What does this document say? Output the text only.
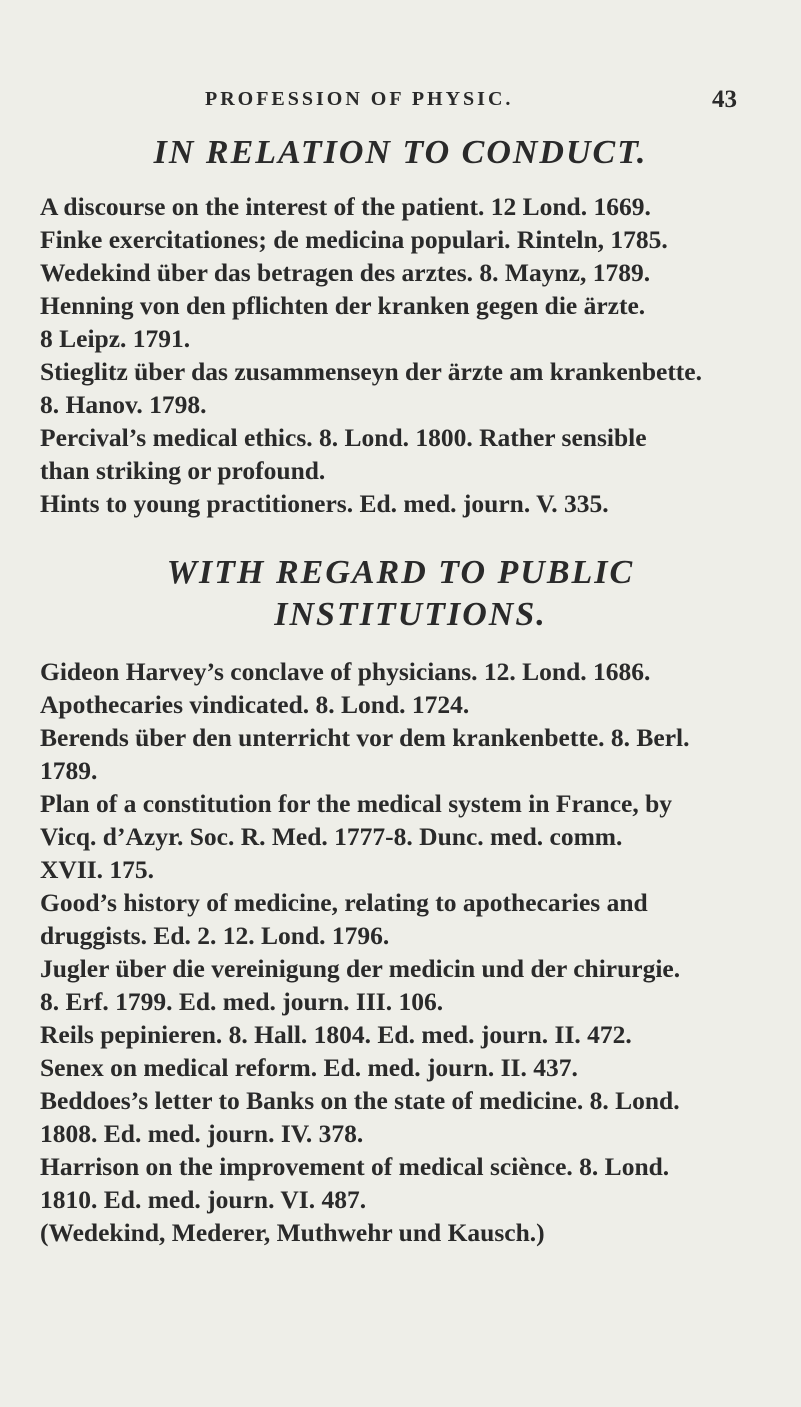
PROFESSION OF PHYSIC.	43
IN RELATION TO CONDUCT.
A discourse on the interest of the patient. 12 Lond. 1669.
Finke exercitationes; de medicina populari. Rinteln, 1785.
Wedekind über das betragen des arztes. 8. Maynz, 1789.
Henning von den pflichten der kranken gegen die ärzte.
8 Leipz. 1791.
Stieglitz über das zusammenseyn der ärzte am krankenbette.
8. Hanov. 1798.
Percival’s medical ethics. 8. Lond. 1800. Rather sensible
than striking or profound.
Hints to young practitioners. Ed. med. journ. V. 335.
WITH REGARD TO PUBLIC
INSTITUTIONS.
Gideon Harvey’s conclave of physicians. 12. Lond. 1686.
Apothecaries vindicated. 8. Lond. 1724.
Berends über den unterricht vor dem krankenbette. 8. Berl.
1789.
Plan of a constitution for the medical system in France, by
Vicq. d’Azyr. Soc. R. Med. 1777-8. Dunc. med. comm.
XVII. 175.
Good’s history of medicine, relating to apothecaries and
druggists. Ed. 2. 12. Lond. 1796.
Jugler über die vereinigung der medicin und der chirurgie.
8. Erf. 1799. Ed. med. journ. III. 106.
Reils pepinieren. 8. Hall. 1804. Ed. med. journ. II. 472.
Senex on medical reform. Ed. med. journ. II. 437.
Beddoes’s letter to Banks on the state of medicine. 8. Lond.
1808. Ed. med. journ. IV. 378.
Harrison on the improvement of medical sciènce. 8. Lond.
1810. Ed. med. journ. VI. 487.
(Wedekind, Mederer, Muthwehr und Kausch.)
